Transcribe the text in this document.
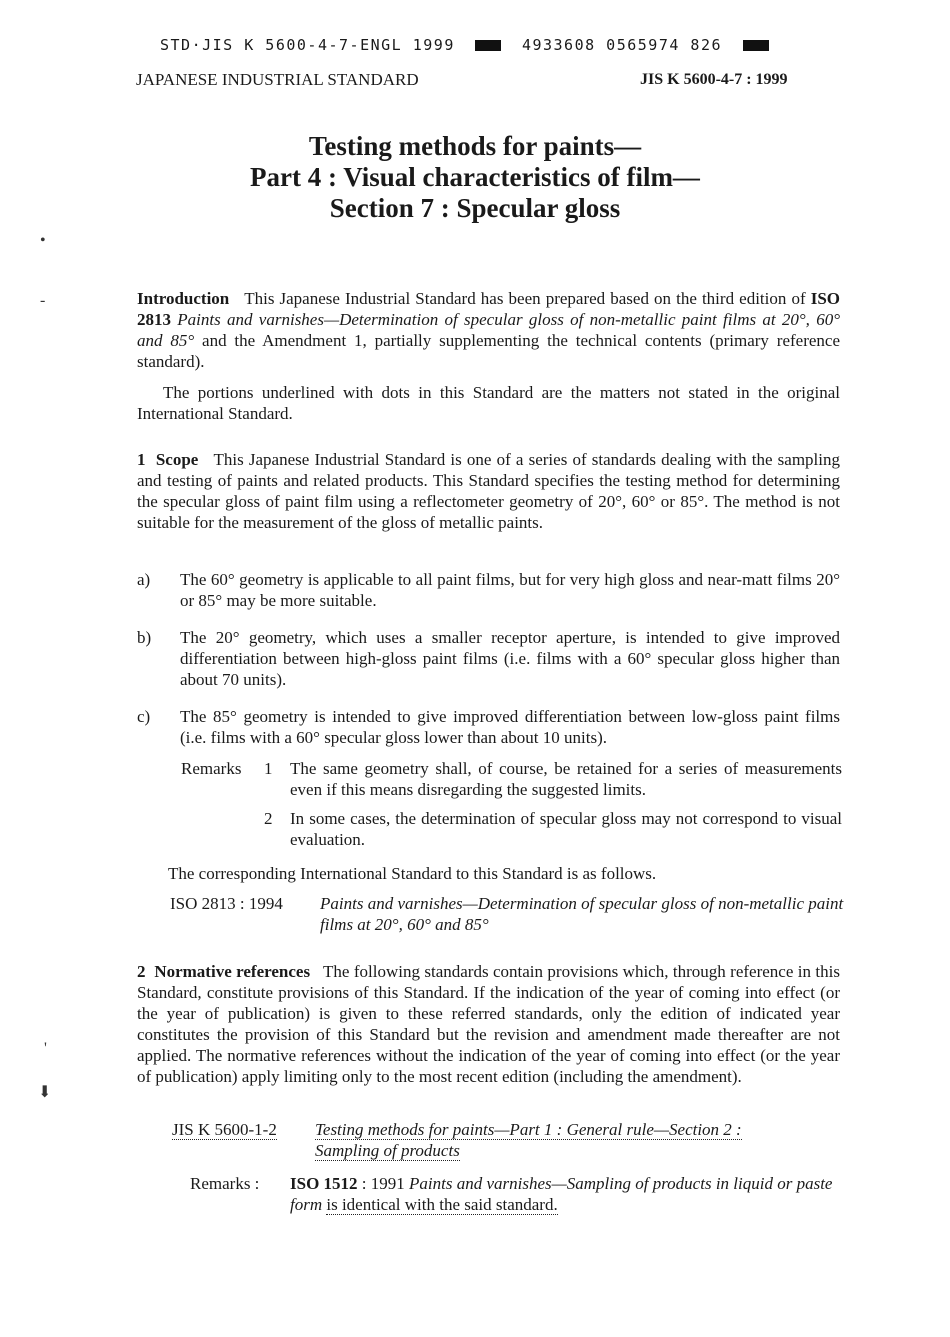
STD·JIS K 5600-4-7-ENGL 1999	4933608 0565974 826
JAPANESE INDUSTRIAL STANDARD	JIS K 5600-4-7 : 1999
Testing methods for paints—
Part 4 : Visual characteristics of film—
Section 7 : Specular gloss
•
-
'
⬇
Introduction This Japanese Industrial Standard has been prepared based on the third edition of ISO 2813 Paints and varnishes—Determination of specular gloss of non-metallic paint films at 20°, 60° and 85° and the Amendment 1, partially supplementing the technical contents (primary reference standard).
The portions underlined with dots in this Standard are the matters not stated in the original International Standard.
1 Scope This Japanese Industrial Standard is one of a series of standards dealing with the sampling and testing of paints and related products. This Standard specifies the testing method for determining the specular gloss of paint film using a reflectometer geometry of 20°, 60° or 85°. The method is not suitable for the measurement of the gloss of metallic paints.
a) The 60° geometry is applicable to all paint films, but for very high gloss and near-matt films 20° or 85° may be more suitable.
b) The 20° geometry, which uses a smaller receptor aperture, is intended to give improved differentiation between high-gloss paint films (i.e. films with a 60° specular gloss higher than about 70 units).
c) The 85° geometry is intended to give improved differentiation between low-gloss paint films (i.e. films with a 60° specular gloss lower than about 10 units).
Remarks 1 The same geometry shall, of course, be retained for a series of measurements even if this means disregarding the suggested limits.
2 In some cases, the determination of specular gloss may not correspond to visual evaluation.
The corresponding International Standard to this Standard is as follows.
ISO 2813 : 1994 Paints and varnishes—Determination of specular gloss of non-metallic paint films at 20°, 60° and 85°
2 Normative references The following standards contain provisions which, through reference in this Standard, constitute provisions of this Standard. If the indication of the year of coming into effect (or the year of publication) is given to these referred standards, only the edition of indicated year constitutes the provision of this Standard but the revision and amendment made thereafter are not applied. The normative references without the indication of the year of coming into effect (or the year of publication) apply limiting only to the most recent edition (including the amendment).
JIS K 5600-1-2 Testing methods for paints—Part 1 : General rule—Section 2 :
Sampling of products
Remarks : ISO 1512 : 1991 Paints and varnishes—Sampling of products in liquid or paste form is identical with the said standard.
